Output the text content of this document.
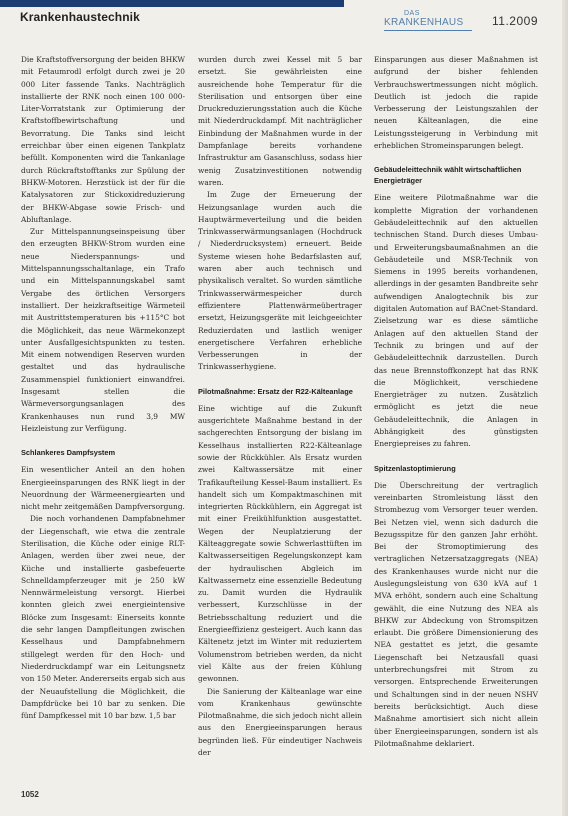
Krankenhaustechnik	DAS
KRANKENHAUS 11.2009

Die Kraftstoffversorgung der beiden BHKW mit Fetaumrodl erfolgt durch zwei je 20 000 Liter fassende Tanks. Nachträglich installierte der RNK noch einen 100 000-Liter-Vorratstank zur Optimierung der Kraftstoffbewirtschaftung und Bevorratung. Die Tanks sind leicht erreichbar über einen eigenen Tankplatz befüllt. Komponenten wird die Tankanlage durch Rückraftstofftanks zur Spülung der BHKW-Motoren. Herzstück ist der für die Katalysatoren zur Stickoxidreduzierung der BHKW-Abgase sowie Frisch- und Abluftanlage.

Zur Mittelspannungseinspeisung über den erzeugten BHKW-Strom wurden eine neue Niederspannungs- und Mittelspannungsschaltanlage, ein Trafo und ein Mittelspannungskabel samt Vergabe des örtlichen Versorgers installiert. Der heizkraftseitige Wärmeteil mit Austrittstemperaturen bis +115°C bot die Möglichkeit, das neue Wärmekonzept unter Ausfallgesichtspunkten zu testen. Mit einem notwendigen Reserven wurden gestaltet und das hydraulische Zusammenspiel funktioniert einwandfrei. Insgesamt stellen die Wärmeversorgungsanlagen des Krankenhauses nun rund 3,9 MW Heizleistung zur Verfügung.

Schlankeres Dampfsystem

Ein wesentlicher Anteil an den hohen Energieeinsparungen des RNK liegt in der Neuordnung der Wärmeenergiearten und nicht mehr zeitgemäßen Dampfversorgung.

Die noch vorhandenen Dampfabnehmer der Liegenschaft, wie etwa die zentrale Sterilisation, die Küche oder einige RLT-Anlagen, werden über zwei neue, der Küche und installierte gasbefeuerte Schnelldampferzeuger mit je 250 kW Nennwärmeleistung versorgt. Hierbei konnten gleich zwei energieintensive Blöcke zum Insgesamt: Einerseits konnte die sehr langen Dampfleitungen zwischen Kesselhaus und Dampfabnehmern stillgelegt werden für den Hoch- und Niederdruckdampf war ein Leitungsnetz von 150 Meter. Andererseits ergab sich aus der Neuaufstellung die Möglichkeit, die Dampfdrücke bei 10 bar zu senken. Die fünf Dampfkessel mit 10 bar bzw. 1,5 bar

wurden durch zwei Kessel mit 5 bar ersetzt. Sie gewährleisten eine ausreichende hohe Temperatur für die Sterilisation und entsorgen über eine Druckreduzierungsstation auch die Küche mit Niederdruckdampf. Mit nachträglicher Einbindung der Maßnahmen wurde in der Dampfanlage bereits vorhandene Infrastruktur am Gasanschluss, sodass hier wenig Zusatzinvestitionen notwendig waren.

Im Zuge der Erneuerung der Heizungsanlage wurden auch die Hauptwärmeverteilung und die beiden Trinkwasserwärmungsanlagen (Hochdruck / Niederdrucksystem) erneuert. Beide Systeme wiesen hohe Bedarfslasten auf, waren aber auch technisch und physikalisch veraltet. So wurden sämtliche Trinkwasserwärmespeicher durch effizientere Plattenwärmeübertrager ersetzt, Heizungsgeräte mit leichgeeichter Reduzierdaten und lastlich weniger energetischere Verfahren erhebliche Verbesserungen in der Trinkwasserhygiene.

Pilotmaßnahme: Ersatz der R22-Kälteanlage

Eine wichtige auf die Zukunft ausgerichtete Maßnahme bestand in der sachgerechten Entsorgung der bislang im Kesselhaus installierten R22-Kälteanlage sowie der Rückkühler. Als Ersatz wurden zwei Kaltwassersätze mit einer Trafikaufteilung Kessel-Baum installiert. Es handelt sich um Kompaktmaschinen mit integrierten Rückkühlern, ein Aggregat ist mit einer Freikühlfunktion ausgestattet. Wegen der Neuplatzierung der Kälteaggregate sowie Schwerlasttüften im Kaltwasserseitigen Regelungskonzept kam der hydraulischen Abgleich im Kaltwassernetz eine essenzielle Bedeutung zu. Damit wurden die Hydraulik verbessert, Kurzschlüsse in der Betriebsschaltung reduziert und die Energieeffizienz gesteigert. Auch kann das Kältenetz jetzt im Winter mit reduziertem Volumenstrom betrieben werden, da nicht viel Kälte aus der freien Kühlung gewonnen.

Die Sanierung der Kälteanlage war eine vom Krankenhaus gewünschte Pilotmaßnahme, die sich jedoch nicht allein aus den Energieeinsparungen heraus begründen ließ. Für eindeutiger Nachweis der

Einsparungen aus dieser Maßnahmen ist aufgrund der bisher fehlenden Verbrauchswertmessungen nicht möglich. Deutlich ist jedoch die rapide Verbesserung der Leistungszahlen der neuen Kälteanlagen, die eine Leistungssteigerung in Verbindung mit erheblichen Stromeinsparungen belegt.

Gebäudeleittechnik wählt wirtschaftlichen Energieträger

Eine weitere Pilotmaßnahme war die komplette Migration der vorhandenen Gebäudeleittechnik auf den aktuellen technischen Stand. Durch dieses Umbau- und Erweiterungsbaumaßnahmen an die Gebäudeteile und MSR-Technik von Siemens in 1995 bereits vorhandenen, allerdings in der gesamten Bandbreite sehr aufwendigen Analogtechnik bis zur digitalen Automation auf BACnet-Standard. Zielsetzung war es diese sämtliche Anlagen auf den aktuellen Stand der Technik zu bringen und auf der Gebäudeleittechnik darzustellen. Durch das neue Brennstoffkonzept hat das RNK die Möglichkeit, verschiedene Energieträger zu nutzen. Zusätzlich ermöglicht es jetzt die neue Gebäudeleittechnik, die Anlagen in Abhängigkeit des günstigsten Energiepreises zu fahren.

Spitzenlastoptimierung

Die Überschreitung der vertraglich vereinbarten Stromleistung lässt den Strombezug vom Versorger teuer werden. Bei Netzen viel, wenn sich dadurch die Bezugsspitze für den ganzen Jahr erhöht. Bei der Stromoptimierung des vertraglichen Netzersatzaggregats (NEA) des Krankenhauses wurde nicht nur die Auslegungsleistung von 630 kVA auf 1 MVA erhöht, sondern auch eine Schaltung gewählt, die eine Nutzung des NEA als BHKW zur Abdeckung von Stromspitzen erlaubt. Die größere Dimensionierung des NEA gestattet es jetzt, die gesamte Liegenschaft bei Netzausfall quasi unterbrechungsfrei mit Strom zu versorgen. Entsprechende Erweiterungen und Schaltungen sind in der neuen NSHV bereits berücksichtigt. Auch diese Maßnahme amortisiert sich nicht allein über Energieeinsparungen, sondern ist als Pilotmaßnahme deklariert.

1052
